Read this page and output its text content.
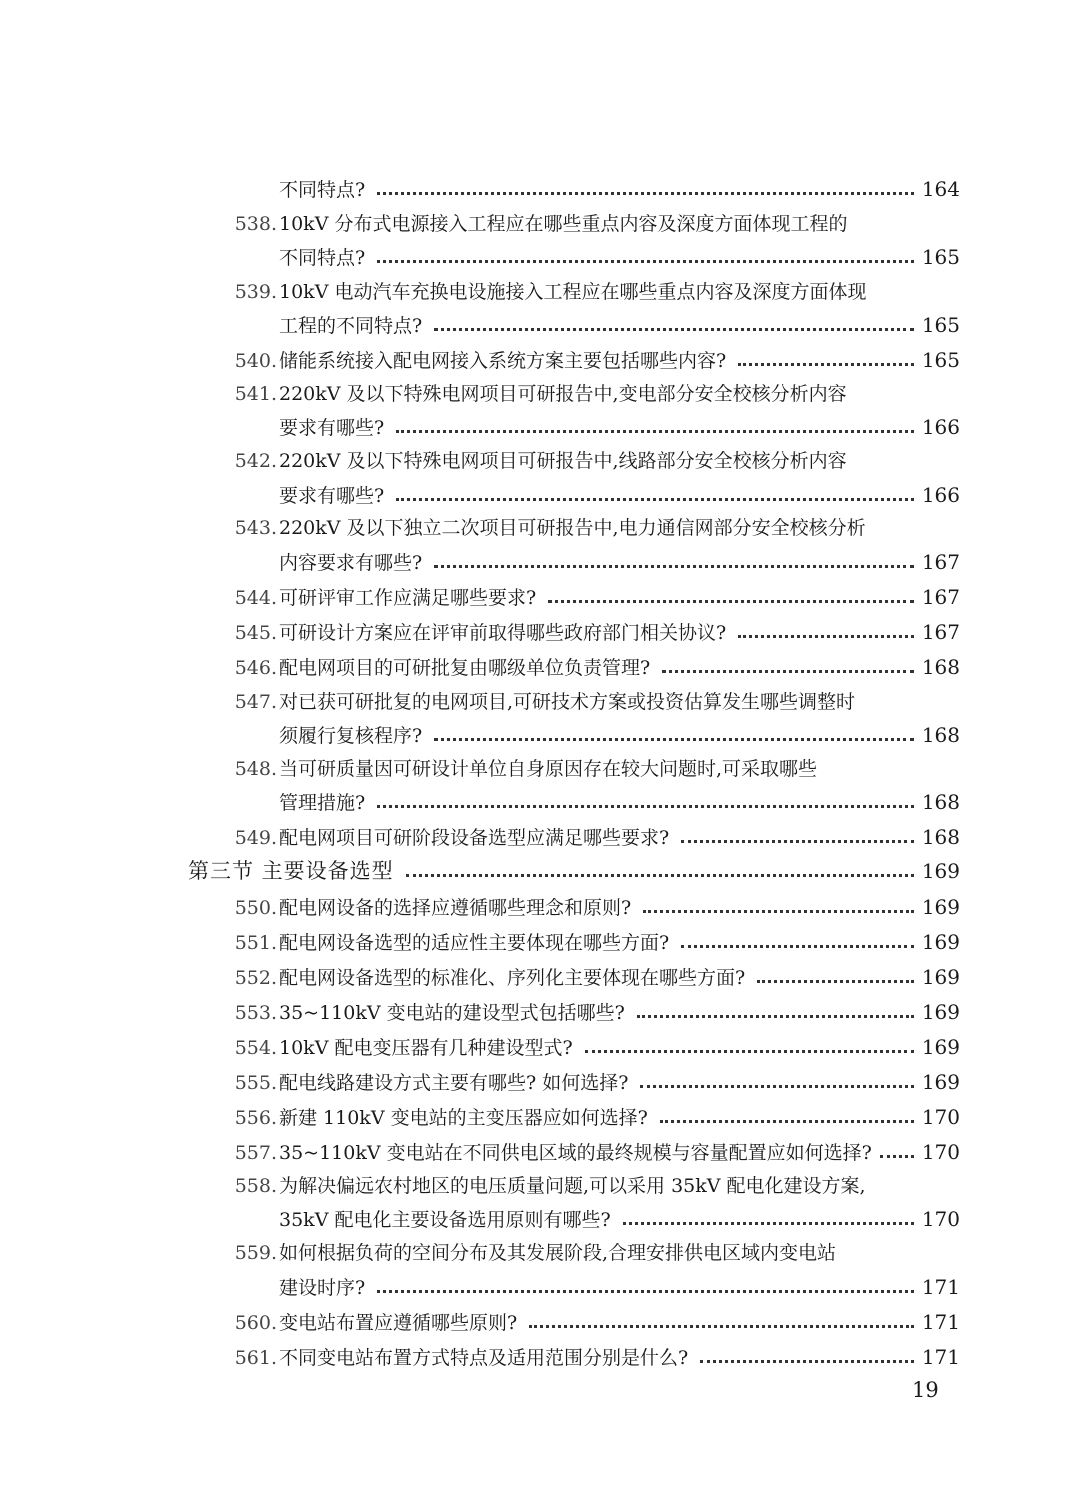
不同特点?	164
538. 10kV 分布式电源接入工程应在哪些重点内容及深度方面体现工程的
不同特点?	165
539. 10kV 电动汽车充换电设施接入工程应在哪些重点内容及深度方面体现
工程的不同特点?	165
540. 储能系统接入配电网接入系统方案主要包括哪些内容?	165
541. 220kV 及以下特殊电网项目可研报告中,变电部分安全校核分析内容
要求有哪些?	166
542. 220kV 及以下特殊电网项目可研报告中,线路部分安全校核分析内容
要求有哪些?	166
543. 220kV 及以下独立二次项目可研报告中,电力通信网部分安全校核分析
内容要求有哪些?	167
544. 可研评审工作应满足哪些要求?	167
545. 可研设计方案应在评审前取得哪些政府部门相关协议?	167
546. 配电网项目的可研批复由哪级单位负责管理?	168
547. 对已获可研批复的电网项目,可研技术方案或投资估算发生哪些调整时
须履行复核程序?	168
548. 当可研质量因可研设计单位自身原因存在较大问题时,可采取哪些
管理措施?	168
549. 配电网项目可研阶段设备选型应满足哪些要求?	168
第三节 主要设备选型	169
550. 配电网设备的选择应遵循哪些理念和原则?	169
551. 配电网设备选型的适应性主要体现在哪些方面?	169
552. 配电网设备选型的标准化、序列化主要体现在哪些方面?	169
553. 35~110kV 变电站的建设型式包括哪些?	169
554. 10kV 配电变压器有几种建设型式?	169
555. 配电线路建设方式主要有哪些? 如何选择?	169
556. 新建 110kV 变电站的主变压器应如何选择?	170
557. 35~110kV 变电站在不同供电区域的最终规模与容量配置应如何选择? 170
558. 为解决偏远农村地区的电压质量问题,可以采用 35kV 配电化建设方案,
35kV 配电化主要设备选用原则有哪些?	170
559. 如何根据负荷的空间分布及其发展阶段,合理安排供电区域内变电站
建设时序?	171
560. 变电站布置应遵循哪些原则?	171
561. 不同变电站布置方式特点及适用范围分别是什么?	171
19
